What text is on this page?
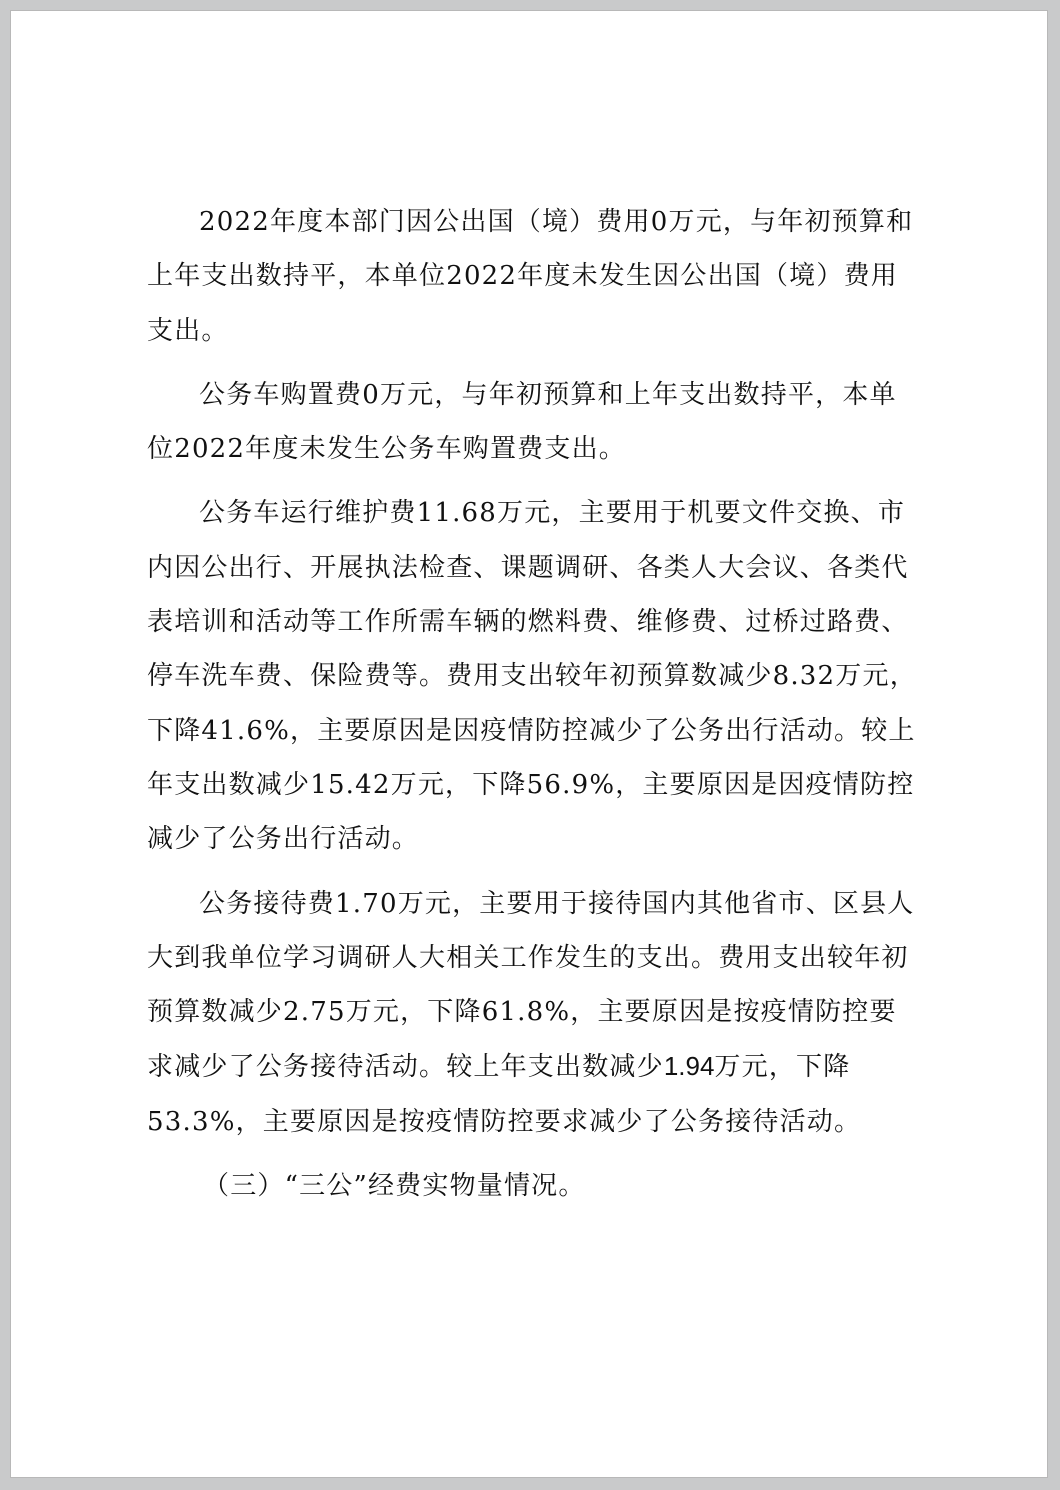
2022年度本部门因公出国（境）费用0万元，与年初预算和上年支出数持平，本单位2022年度未发生因公出国（境）费用支出。

公务车购置费0万元，与年初预算和上年支出数持平，本单位2022年度未发生公务车购置费支出。

公务车运行维护费11.68万元，主要用于机要文件交换、市内因公出行、开展执法检查、课题调研、各类人大会议、各类代表培训和活动等工作所需车辆的燃料费、维修费、过桥过路费、停车洗车费、保险费等。费用支出较年初预算数减少8.32万元，下降41.6%，主要原因是因疫情防控减少了公务出行活动。较上年支出数减少15.42万元，下降56.9%，主要原因是因疫情防控减少了公务出行活动。

公务接待费1.70万元，主要用于接待国内其他省市、区县人大到我单位学习调研人大相关工作发生的支出。费用支出较年初预算数减少2.75万元，下降61.8%，主要原因是按疫情防控要求减少了公务接待活动。较上年支出数减少1.94万元，下降53.3%，主要原因是按疫情防控要求减少了公务接待活动。

（三）“三公”经费实物量情况。
